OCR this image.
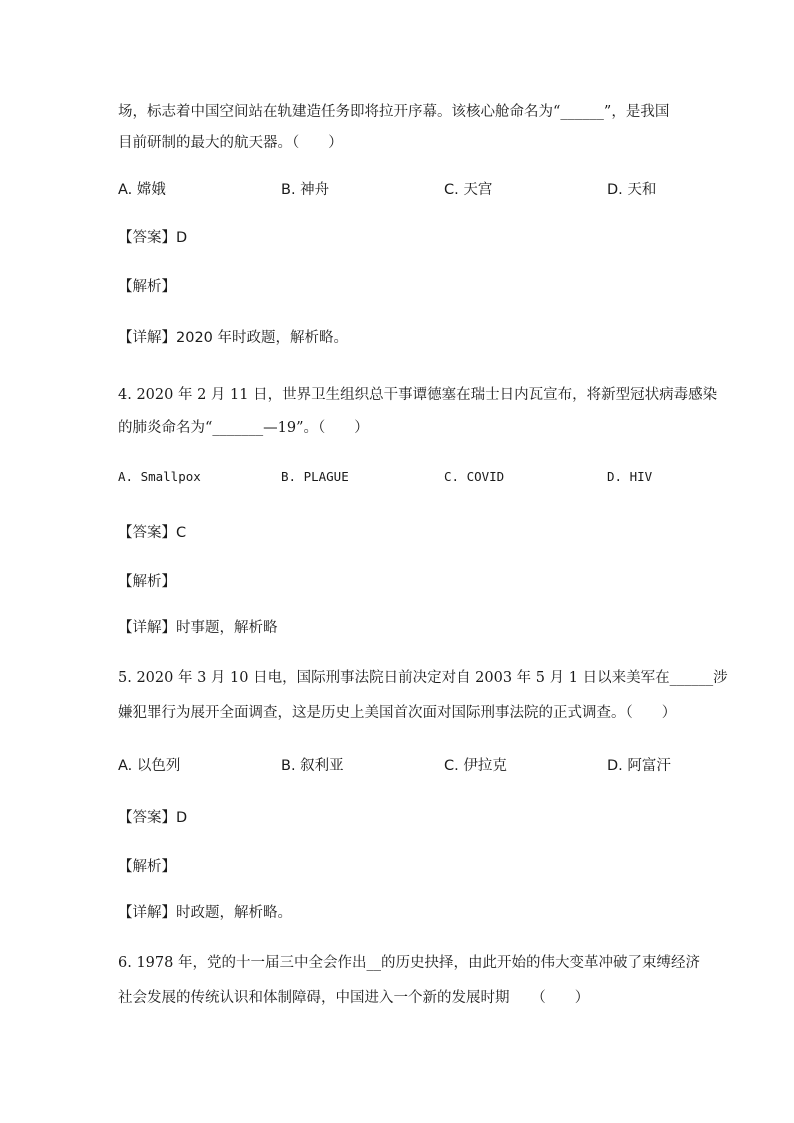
场，标志着中国空间站在轨建造任务即将拉开序幕。该核心舱命名为“______”，是我国
目前研制的最大的航天器。（　　）
A. 嫦娥	B. 神舟	C. 天宫	D. 天和
【答案】D
【解析】
【详解】2020 年时政题，解析略。
4. 2020 年 2 月 11 日，世界卫生组织总干事谭德塞在瑞士日内瓦宣布，将新型冠状病毒感染
的肺炎命名为“_______—19”。（　　）
A. Smallpox	B. PLAGUE	C. COVID	D. HIV
【答案】C
【解析】
【详解】时事题，解析略
5. 2020 年 3 月 10 日电，国际刑事法院日前决定对自 2003 年 5 月 1 日以来美军在______涉
嫌犯罪行为展开全面调查，这是历史上美国首次面对国际刑事法院的正式调查。（　　）
A. 以色列	B. 叙利亚	C. 伊拉克	D. 阿富汗
【答案】D
【解析】
【详解】时政题，解析略。
6. 1978 年，党的十一届三中全会作出__的历史抉择，由此开始的伟大变革冲破了束缚经济
社会发展的传统认识和体制障碍，中国进入一个新的发展时期　　（　　）
